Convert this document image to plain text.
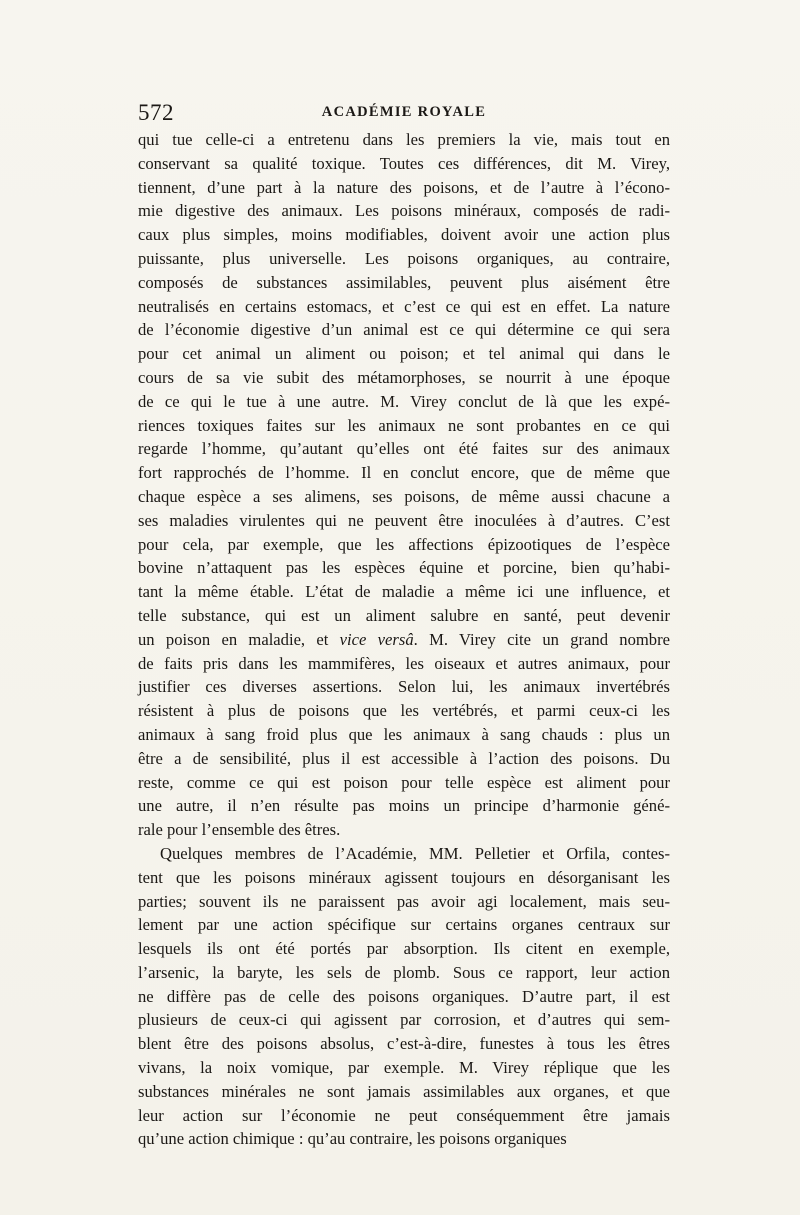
572	ACADÉMIE ROYALE
qui tue celle-ci a entretenu dans les premiers la vie, mais tout en
conservant sa qualité toxique. Toutes ces différences, dit M. Virey,
tiennent, d’une part à la nature des poisons, et de l’autre à l’écono-
mie digestive des animaux. Les poisons minéraux, composés de radi-
caux plus simples, moins modifiables, doivent avoir une action plus
puissante, plus universelle. Les poisons organiques, au contraire,
composés de substances assimilables, peuvent plus aisément être
neutralisés en certains estomacs, et c’est ce qui est en effet. La nature
de l’économie digestive d’un animal est ce qui détermine ce qui sera
pour cet animal un aliment ou poison; et tel animal qui dans le
cours de sa vie subit des métamorphoses, se nourrit à une époque
de ce qui le tue à une autre. M. Virey conclut de là que les expé-
riences toxiques faites sur les animaux ne sont probantes en ce qui
regarde l’homme, qu’autant qu’elles ont été faites sur des animaux
fort rapprochés de l’homme. Il en conclut encore, que de même que
chaque espèce a ses alimens, ses poisons, de même aussi chacune a
ses maladies virulentes qui ne peuvent être inoculées à d’autres. C’est
pour cela, par exemple, que les affections épizootiques de l’espèce
bovine n’attaquent pas les espèces équine et porcine, bien qu’habi-
tant la même étable. L’état de maladie a même ici une influence, et
telle substance, qui est un aliment salubre en santé, peut devenir
un poison en maladie, et vice versâ. M. Virey cite un grand nombre
de faits pris dans les mammifères, les oiseaux et autres animaux, pour
justifier ces diverses assertions. Selon lui, les animaux invertébrés
résistent à plus de poisons que les vertébrés, et parmi ceux-ci les
animaux à sang froid plus que les animaux à sang chauds : plus un
être a de sensibilité, plus il est accessible à l’action des poisons. Du
reste, comme ce qui est poison pour telle espèce est aliment pour
une autre, il n’en résulte pas moins un principe d’harmonie géné-
rale pour l’ensemble des êtres.
Quelques membres de l’Académie, MM. Pelletier et Orfila, contes-
tent que les poisons minéraux agissent toujours en désorganisant les
parties; souvent ils ne paraissent pas avoir agi localement, mais seu-
lement par une action spécifique sur certains organes centraux sur
lesquels ils ont été portés par absorption. Ils citent en exemple,
l’arsenic, la baryte, les sels de plomb. Sous ce rapport, leur action
ne diffère pas de celle des poisons organiques. D’autre part, il est
plusieurs de ceux-ci qui agissent par corrosion, et d’autres qui sem-
blent être des poisons absolus, c’est-à-dire, funestes à tous les êtres
vivans, la noix vomique, par exemple. M. Virey réplique que les
substances minérales ne sont jamais assimilables aux organes, et que
leur action sur l’économie ne peut conséquemment être jamais
qu’une action chimique : qu’au contraire, les poisons organiques
